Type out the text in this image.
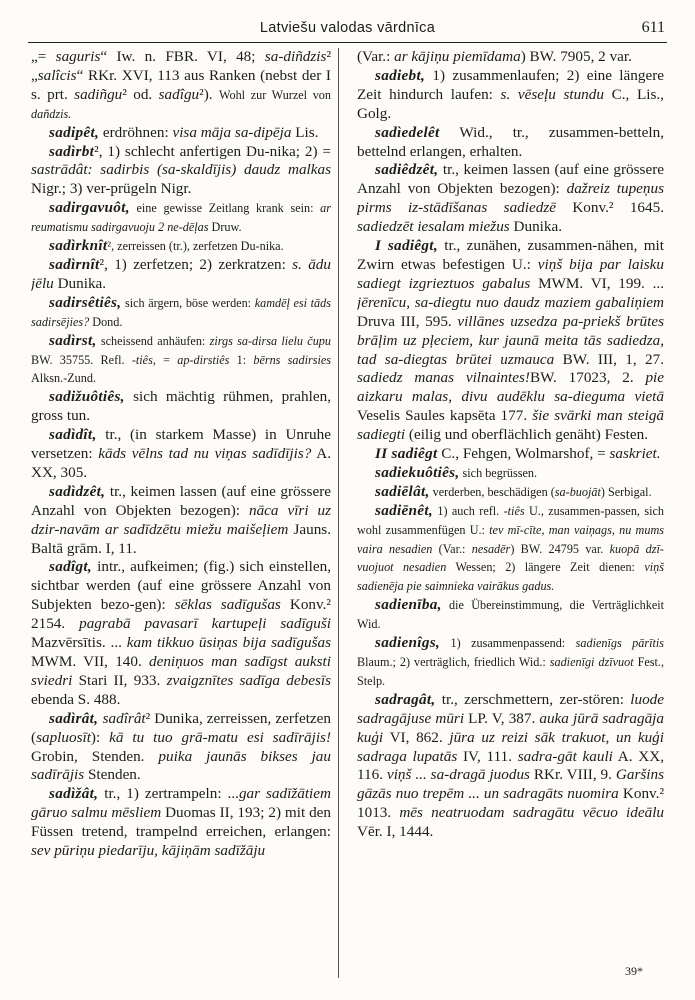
Latviešu valodas vārdnīca	611

„= saguris“ Iw. n. FBR. VI, 48; sa-diñdzis² „salîcis“ RKr. XVI, 113 aus Ranken (nebst der I s. prt. sadiñgu² od. sadîgu²). Wohl zur Wurzel von dañdzis.

sadipêt, erdröhnen: visa māja sa-dipēja Lis.

sadìrbt², 1) schlecht anfertigen Du-nika; 2) = sastrādât: sadirbis (sa-skaldījis) daudz malkas Nigr.; 3) ver-prügeln Nigr.

sadirgavuôt, eine gewisse Zeitlang krank sein: ar reumatismu sadirgavuoju 2 ne-dēļas Druw.

sadìrknît², zerreissen (tr.), zerfetzen Du-nika.

sadìrnît², 1) zerfetzen; 2) zerkratzen: s. ādu jēlu Dunika.

sadirsêtiês, sich ärgern, böse werden: kamdēļ esi tāds sadirsējies? Dond.

sadìrst, scheissend anhäufen: zirgs sa-dirsa lielu čupu BW. 35755. Refl. -tiês, = ap-dirstiês 1: bērns sadirsies Alksn.-Zund.

sadižuôtiês, sich mächtig rühmen, prahlen, gross tun.

sadìdît, tr., (in starkem Masse) in Unruhe versetzen: kāds vēlns tad nu viņas sadīdījis? A. XX, 305.

sadìdzêt, tr., keimen lassen (auf eine grössere Anzahl von Objekten bezogen): nāca vīri uz dzir-navām ar sadīdzētu miežu maišeļiem Jauns. Baltā grām. I, 11.

sadîgt, intr., aufkeimen; (fig.) sich einstellen, sichtbar werden (auf eine grössere Anzahl von Subjekten bezo-gen): sēklas sadīgušas Konv.² 2154. pagrabā pavasarī kartupeļi sadīguši Mazvērsītis. ... kam tikkuo ūsiņas bija sadīgušas MWM. VII, 140. deniņuos man sadīgst auksti sviedri Stari II, 933. zvaigznītes sadīga debesīs ebenda S. 488.

sadìrât, sadîrât² Dunika, zerreissen, zerfetzen (sapluosīt): kā tu tuo grā-matu esi sadīrājis! Grobin, Stenden. puika jaunās bikses jau sadīrājis Stenden.

sadìžât, tr., 1) zertrampeln: ...gar sadīžātiem gāruo salmu mēsliem Duomas II, 193; 2) mit den Füssen tretend, trampelnd erreichen, erlangen: sev pūriņu piedarīju, kājiņām sadīžāju

(Var.: ar kājiņu piemīdama) BW. 7905, 2 var.

sadiebt, 1) zusammenlaufen; 2) eine längere Zeit hindurch laufen: s. vēseļu stundu C., Lis., Golg.

sadìedelêt Wid., tr., zusammen-betteln, bettelnd erlangen, erhalten.

sadiêdzêt, tr., keimen lassen (auf eine grössere Anzahl von Objekten bezogen): dažreiz tupeņus pirms iz-stādīšanas sadiedzē Konv.² 1645. sadiedzēt iesalam miežus Dunika.

I sadiêgt, tr., zunähen, zusammen-nähen, mit Zwirn etwas befestigen U.: viņš bija par laisku sadiegt izgrieztuos gabalus MWM. VI, 199. ... jērenīcu, sa-diegtu nuo daudz maziem gabaliņiem Druva III, 595. villānes uzsedza pa-priekš brūtes brāļim uz pļeciem, kur jaunā meita tās sadiedza, tad sa-diegtas brūtei uzmauca BW. III, 1, 27. sadiedz manas vilnaintes!BW. 17023, 2. pie aizkaru malas, divu audēklu sa-dieguma vietā Veselis Saules kapsēta 177. šie svārki man steigā sadiegti (eilig und oberflächlich genäht) Festen.

II sadiêgt C., Fehgen, Wolmarshof, = saskriet.

sadiekuôtiês, sich begrüssen.

sadiēlât, verderben, beschädigen (sa-buojāt) Serbigal.

sadiēnêt, 1) auch refl. -tiês U., zusammen-passen, sich wohl zusammenfügen U.: tev mī-cīte, man vaiņags, nu mums vaira nesadien (Var.: nesadēr) BW. 24795 var. kuopā dzī-vuojuot nesadien Wessen; 2) längere Zeit dienen: viņš sadienēja pie saimnieka vairākus gadus.

sadienība, die Übereinstimmung, die Verträglichkeit Wid.

sadienîgs, 1) zusammenpassend: sadienīgs pārītis Blaum.; 2) verträglich, friedlich Wid.: sadienīgi dzīvuot Fest., Stelp.

sadragât, tr., zerschmettern, zer-stören: luode sadragājuse mūri LP. V, 387. auka jūrā sadragāja kuģi VI, 862. jūra uz reizi sāk trakuot, un kuģi sadraga lupatās IV, 111. sadra-gāt kauli A. XX, 116. viņš ... sa-dragā juodus RKr. VIII, 9. Garšins gāzās nuo trepēm ... un sadragāts nuomira Konv.² 1013. mēs neatruodam sadragātu vēcuo ideālu Vēr. I, 1444.

39*
